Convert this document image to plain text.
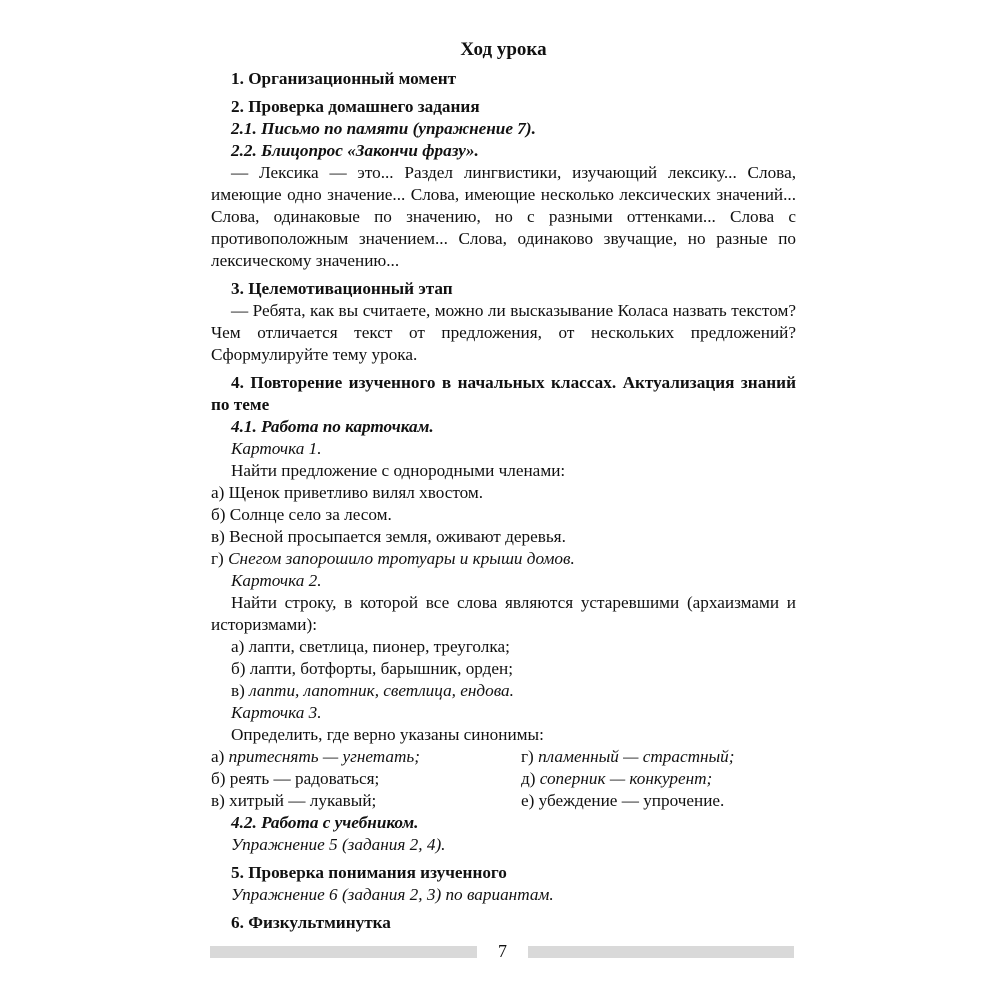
Ход урока
1. Организационный момент
2. Проверка домашнего задания
2.1. Письмо по памяти (упражнение 7).
2.2. Блицопрос «Закончи фразу».
— Лексика — это... Раздел лингвистики, изучающий лексику... Слова, имеющие одно значение... Слова, имеющие несколько лексических значений... Слова, одинаковые по значению, но с разными оттенками... Слова с противоположным значением... Слова, одинаково звучащие, но разные по лексическому значению...
3. Целемотивационный этап
— Ребята, как вы считаете, можно ли высказывание Коласа назвать текстом? Чем отличается текст от предложения, от нескольких предложений? Сформулируйте тему урока.
4. Повторение изученного в начальных классах. Актуализация знаний по теме
4.1. Работа по карточкам.
Карточка 1.
Найти предложение с однородными членами:
а) Щенок приветливо вилял хвостом.
б) Солнце село за лесом.
в) Весной просыпается земля, оживают деревья.
г) Снегом запорошило тротуары и крыши домов.
Карточка 2.
Найти строку, в которой все слова являются устаревшими (архаизмами и историзмами):
а) лапти, светлица, пионер, треуголка;
б) лапти, ботфорты, барышник, орден;
в) лапти, лапотник, светлица, ендова.
Карточка 3.
Определить, где верно указаны синонимы:
а) притеснять — угнетать;
б) реять — радоваться;
в) хитрый — лукавый;
г) пламенный — страстный;
д) соперник — конкурент;
е) убеждение — упрочение.
4.2. Работа с учебником.
Упражнение 5 (задания 2, 4).
5. Проверка понимания изученного
Упражнение 6 (задания 2, 3) по вариантам.
6. Физкультминутка
7
